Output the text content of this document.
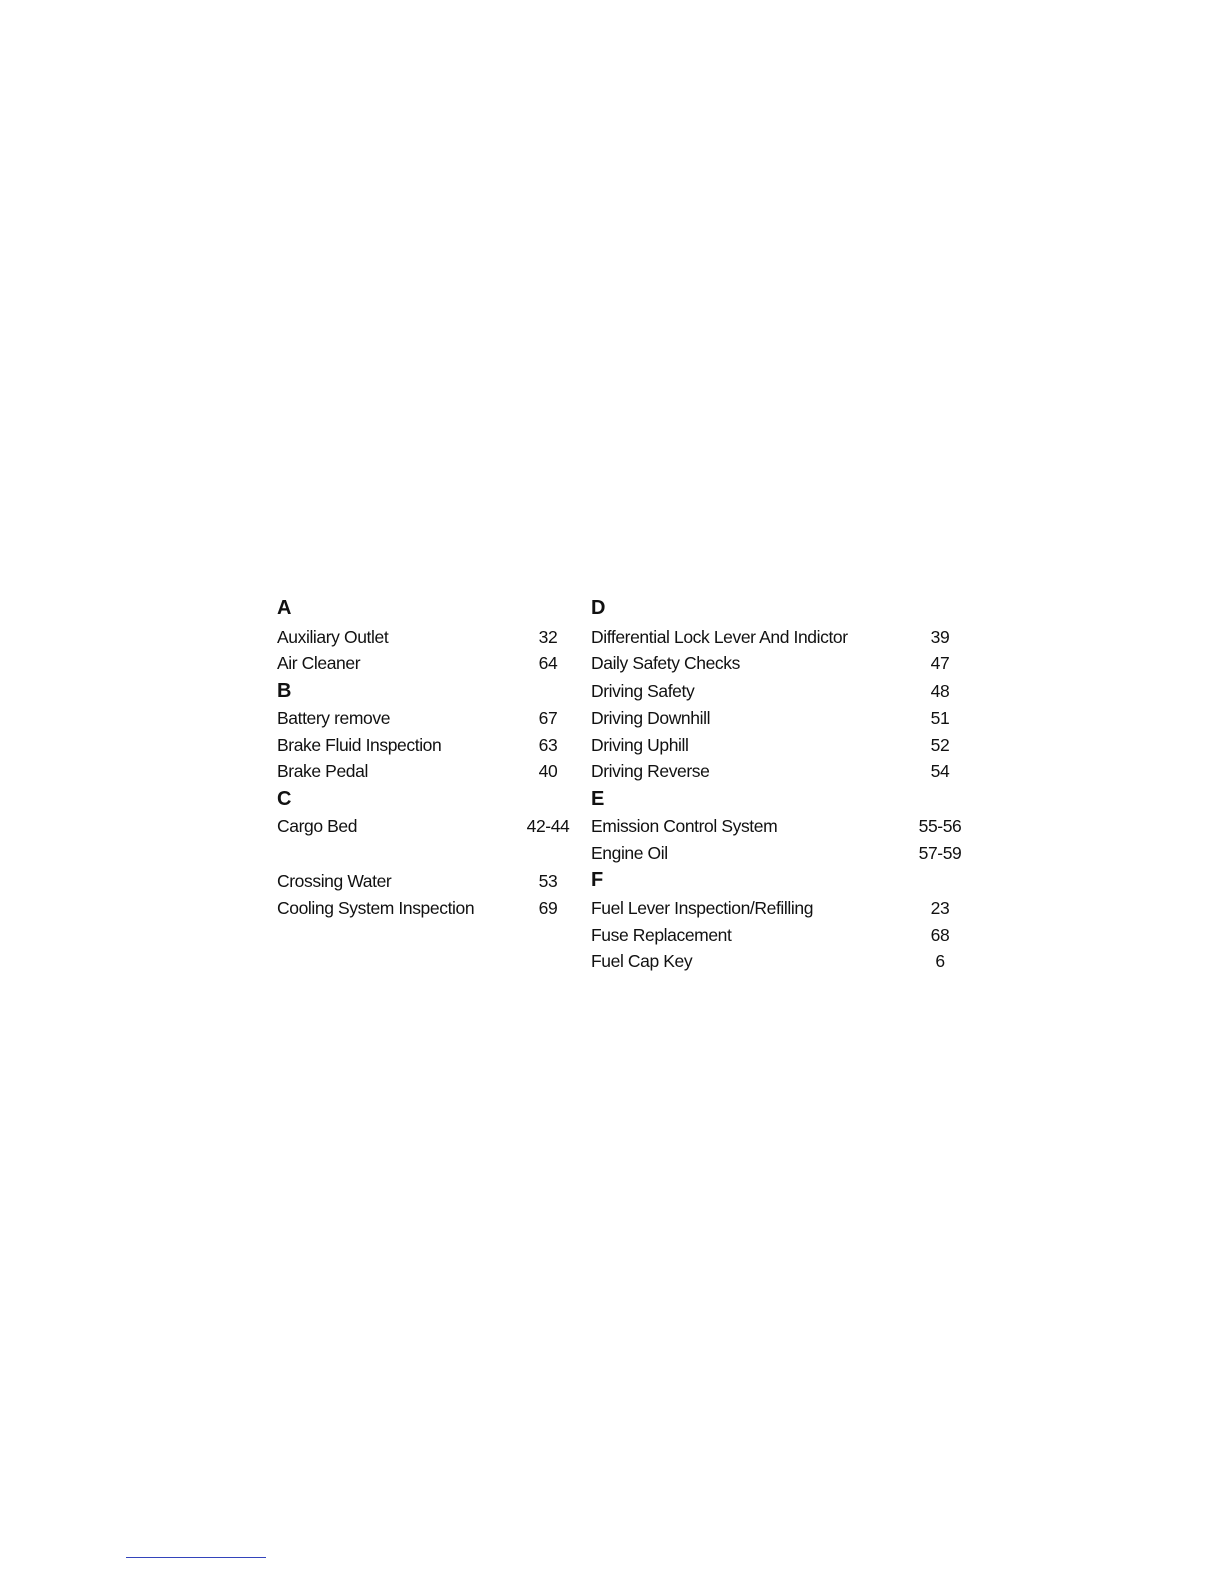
A
Auxiliary Outlet	32
Air Cleaner	64
B
Battery remove	67
Brake Fluid Inspection	63
Brake Pedal	40
C
Cargo Bed	42-44
Crossing Water	53
Cooling System Inspection	69
D
Differential Lock Lever And Indictor	39
Daily Safety Checks	47
Driving Safety	48
Driving Downhill	51
Driving Uphill	52
Driving Reverse	54
E
Emission Control System	55-56
Engine Oil	57-59
F
Fuel Lever Inspection/Refilling	23
Fuse Replacement	68
Fuel Cap Key	6
